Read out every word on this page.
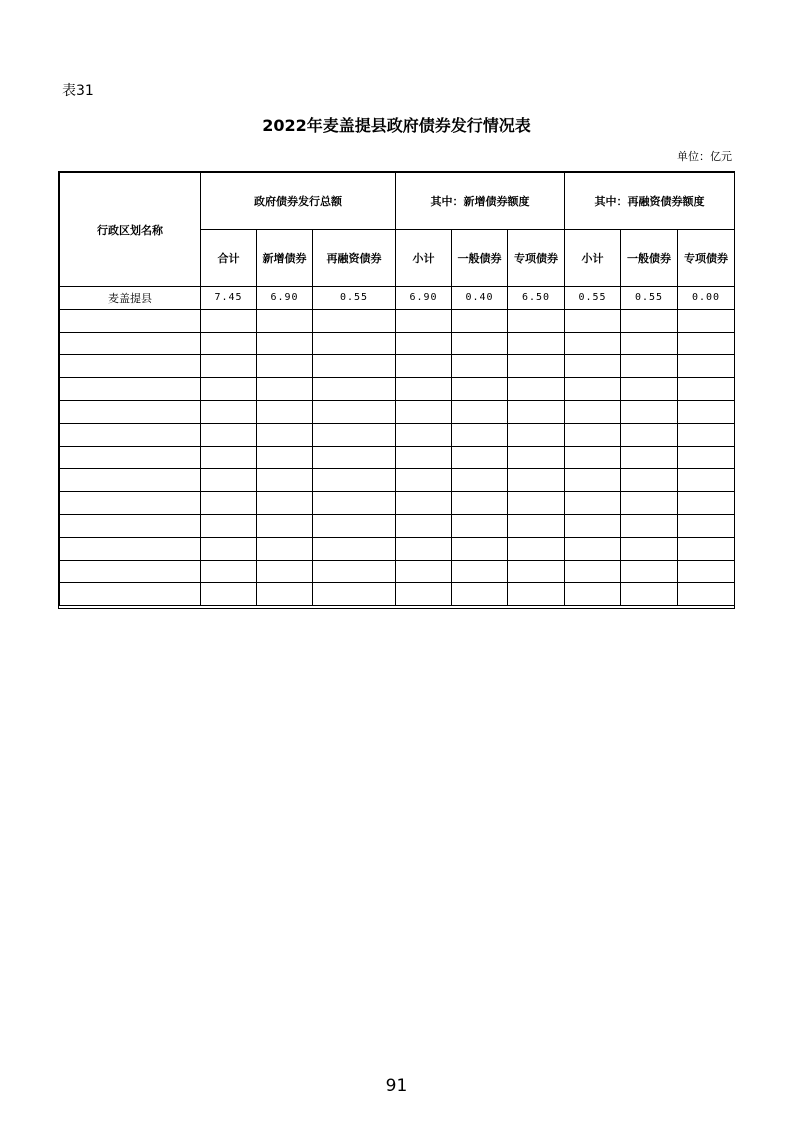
表31
2022年麦盖提县政府债券发行情况表
单位：亿元
行政区划名称	政府债券发行总额			其中：新增债券额度			其中：再融资债券额度		
	合计	新增债券	再融资债券	小计	一般债券	专项债券	小计	一般债券	专项债券
麦盖提县	7.45	6.90	0.55	6.90	0.40	6.50	0.55	0.55	0.00

91
